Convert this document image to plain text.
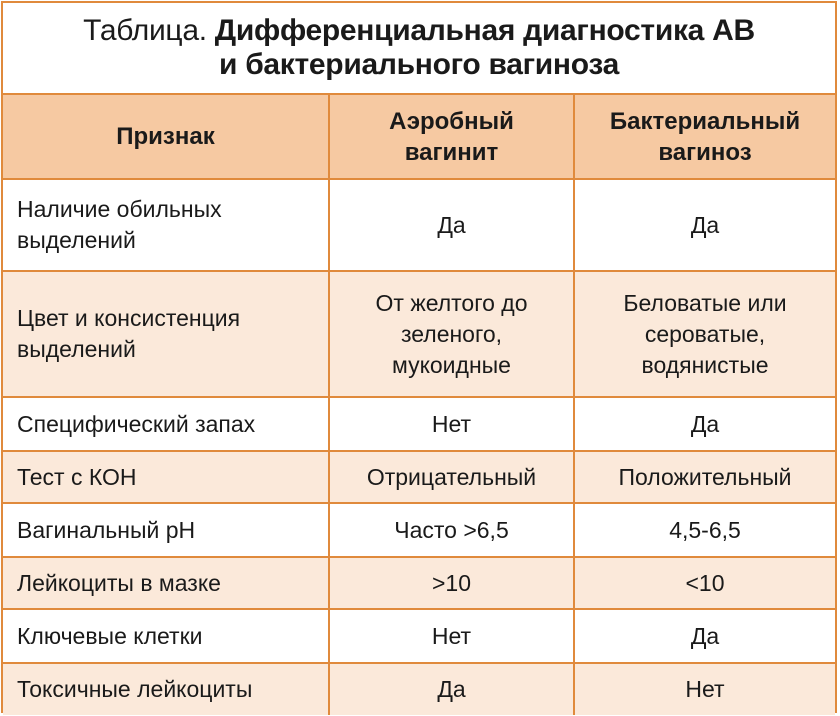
Таблица. Дифференциальная диагностика АВ
и бактериального вагиноза
Признак	Аэробный вагинит	Бактериальный вагиноз
Наличие обильных выделений	Да	Да
Цвет и консистенция выделений	От желтого до зеленого, мукоидные	Беловатые или сероватые, водянистые
Специфический запах	Нет	Да
Тест с КОН	Отрицательный	Положительный
Вагинальный рН	Часто >6,5	4,5-6,5
Лейкоциты в мазке	>10	<10
Ключевые клетки	Нет	Да
Токсичные лейкоциты	Да	Нет
